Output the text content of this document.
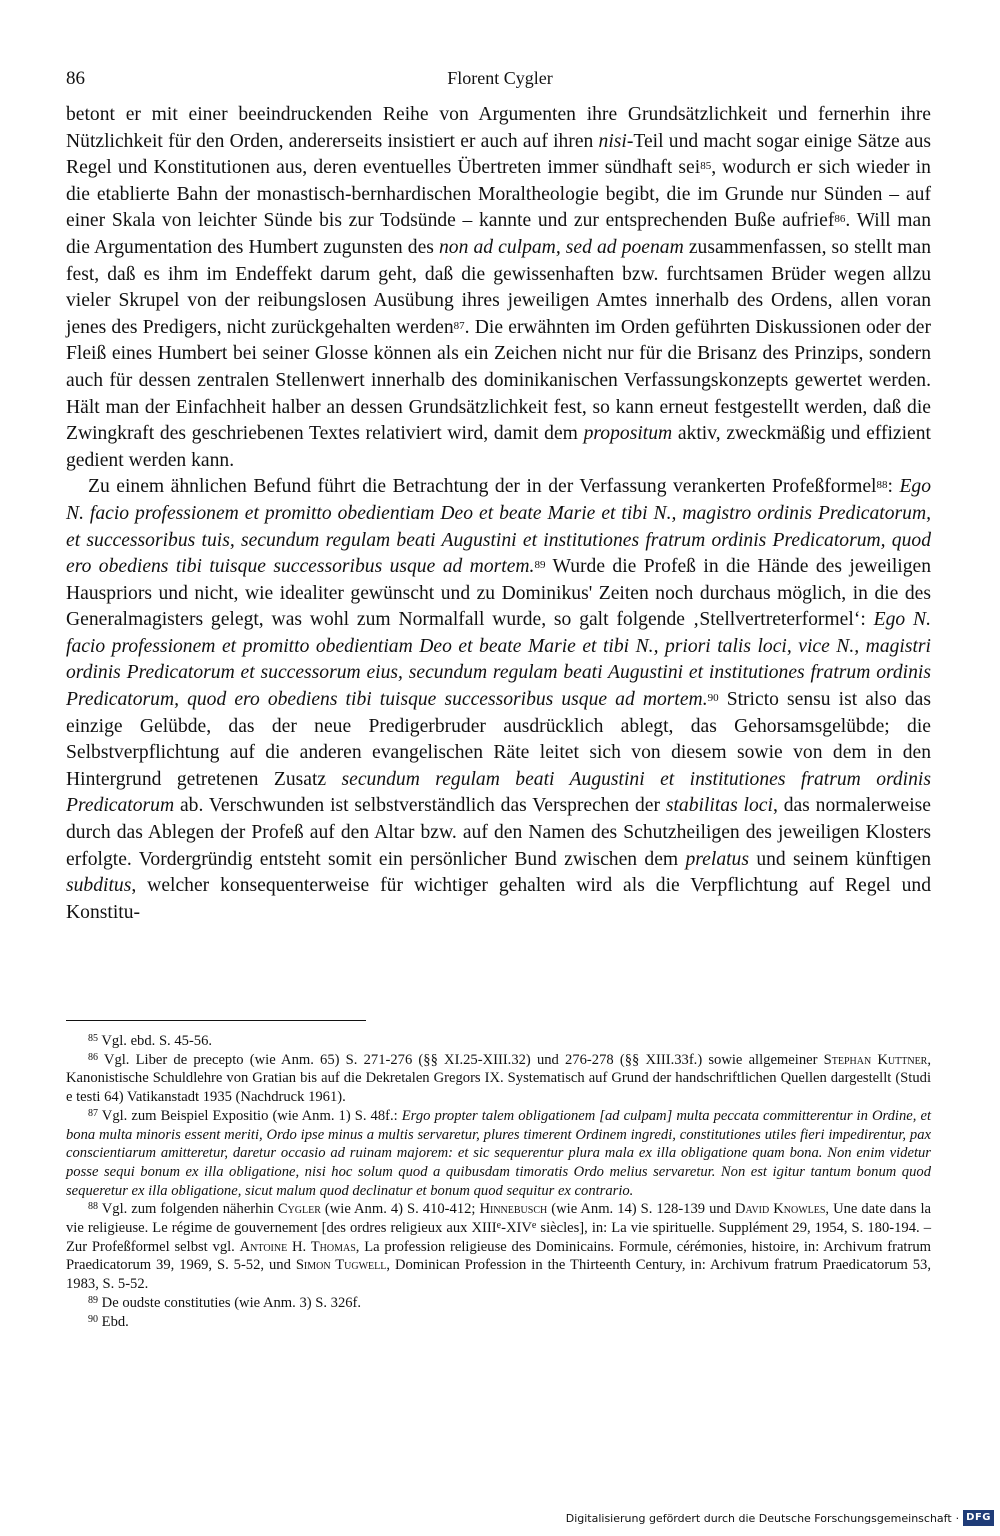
86	Florent Cygler

betont er mit einer beeindruckenden Reihe von Argumenten ihre Grundsätzlichkeit und fernerhin ihre Nützlichkeit für den Orden, andererseits insistiert er auch auf ihren nisi-Teil und macht sogar einige Sätze aus Regel und Konstitutionen aus, deren eventuelles Übertreten immer sündhaft sei$^{85}$, wodurch er sich wieder in die etablierte Bahn der monastisch-bernhardischen Moraltheologie begibt, die im Grunde nur Sünden – auf einer Skala von leichter Sünde bis zur Todsünde – kannte und zur entsprechenden Buße aufrief$^{86}$. Will man die Argumentation des Humbert zugunsten des non ad culpam, sed ad poenam zusammenfassen, so stellt man fest, daß es ihm im Endeffekt darum geht, daß die gewissenhaften bzw. furchtsamen Brüder wegen allzu vieler Skrupel von der reibungslosen Ausübung ihres jeweiligen Amtes innerhalb des Ordens, allen voran jenes des Predigers, nicht zurückgehalten werden$^{87}$. Die erwähnten im Orden geführten Diskussionen oder der Fleiß eines Humbert bei seiner Glosse können als ein Zeichen nicht nur für die Brisanz des Prinzips, sondern auch für dessen zentralen Stellenwert innerhalb des dominikanischen Verfassungskonzepts gewertet werden. Hält man der Einfachheit halber an dessen Grundsätzlichkeit fest, so kann erneut festgestellt werden, daß die Zwingkraft des geschriebenen Textes relativiert wird, damit dem propositum aktiv, zweckmäßig und effizient gedient werden kann.

Zu einem ähnlichen Befund führt die Betrachtung der in der Verfassung verankerten Profeßformel$^{88}$: Ego N. facio professionem et promitto obedientiam Deo et beate Marie et tibi N., magistro ordinis Predicatorum, et successoribus tuis, secundum regulam beati Augustini et institutiones fratrum ordinis Predicatorum, quod ero obediens tibi tuisque successoribus usque ad mortem.$^{89}$ Wurde die Profeß in die Hände des jeweiligen Hauspriors und nicht, wie idealiter gewünscht und zu Dominikus' Zeiten noch durchaus möglich, in die des Generalmagisters gelegt, was wohl zum Normalfall wurde, so galt folgende ‚Stellvertreterformel‘: Ego N. facio professionem et promitto obedientiam Deo et beate Marie et tibi N., priori talis loci, vice N., magistri ordinis Predicatorum et successorum eius, secundum regulam beati Augustini et institutiones fratrum ordinis Predicatorum, quod ero obediens tibi tuisque successoribus usque ad mortem.$^{90}$ Stricto sensu ist also das einzige Gelübde, das der neue Predigerbruder ausdrücklich ablegt, das Gehorsamsgelübde; die Selbstverpflichtung auf die anderen evangelischen Räte leitet sich von diesem sowie von dem in den Hintergrund getretenen Zusatz secundum regulam beati Augustini et institutiones fratrum ordinis Predicatorum ab. Verschwunden ist selbstverständlich das Versprechen der stabilitas loci, das normalerweise durch das Ablegen der Profeß auf den Altar bzw. auf den Namen des Schutzheiligen des jeweiligen Klosters erfolgte. Vordergründig entsteht somit ein persönlicher Bund zwischen dem prelatus und seinem künftigen subditus, welcher konsequenterweise für wichtiger gehalten wird als die Verpflichtung auf Regel und Konstitu-

$^{85}$ Vgl. ebd. S. 45-56.

$^{86}$ Vgl. Liber de precepto (wie Anm. 65) S. 271-276 (§§ XI.25-XIII.32) und 276-278 (§§ XIII.33f.) sowie allgemeiner Stephan Kuttner, Kanonistische Schuldlehre von Gratian bis auf die Dekretalen Gregors IX. Systematisch auf Grund der handschriftlichen Quellen dargestellt (Studi e testi 64) Vatikanstadt 1935 (Nachdruck 1961).

$^{87}$ Vgl. zum Beispiel Expositio (wie Anm. 1) S. 48f.: Ergo propter talem obligationem [ad culpam] multa peccata committerentur in Ordine, et bona multa minoris essent meriti, Ordo ipse minus a multis servaretur, plures timerent Ordinem ingredi, constitutiones utiles fieri impedirentur, pax conscientiarum amitteretur, daretur occasio ad ruinam majorem: et sic sequerentur plura mala ex illa obligatione quam bona. Non enim videtur posse sequi bonum ex illa obligatione, nisi hoc solum quod a quibusdam timoratis Ordo melius servaretur. Non est igitur tantum bonum quod sequeretur ex illa obligatione, sicut malum quod declinatur et bonum quod sequitur ex contrario.

$^{88}$ Vgl. zum folgenden näherhin Cygler (wie Anm. 4) S. 410-412; Hinnebusch (wie Anm. 14) S. 128-139 und David Knowles, Une date dans la vie religieuse. Le régime de gouvernement [des ordres religieux aux XIIIe-XIVe siècles], in: La vie spirituelle. Supplément 29, 1954, S. 180-194. – Zur Profeßformel selbst vgl. Antoine H. Thomas, La profession religieuse des Dominicains. Formule, cérémonies, histoire, in: Archivum fratrum Praedicatorum 39, 1969, S. 5-52, und Simon Tugwell, Dominican Profession in the Thirteenth Century, in: Archivum fratrum Praedicatorum 53, 1983, S. 5-52.

$^{89}$ De oudste constituties (wie Anm. 3) S. 326f.

$^{90}$ Ebd.

Digitalisierung gefördert durch die Deutsche Forschungsgemeinschaft · DFG
